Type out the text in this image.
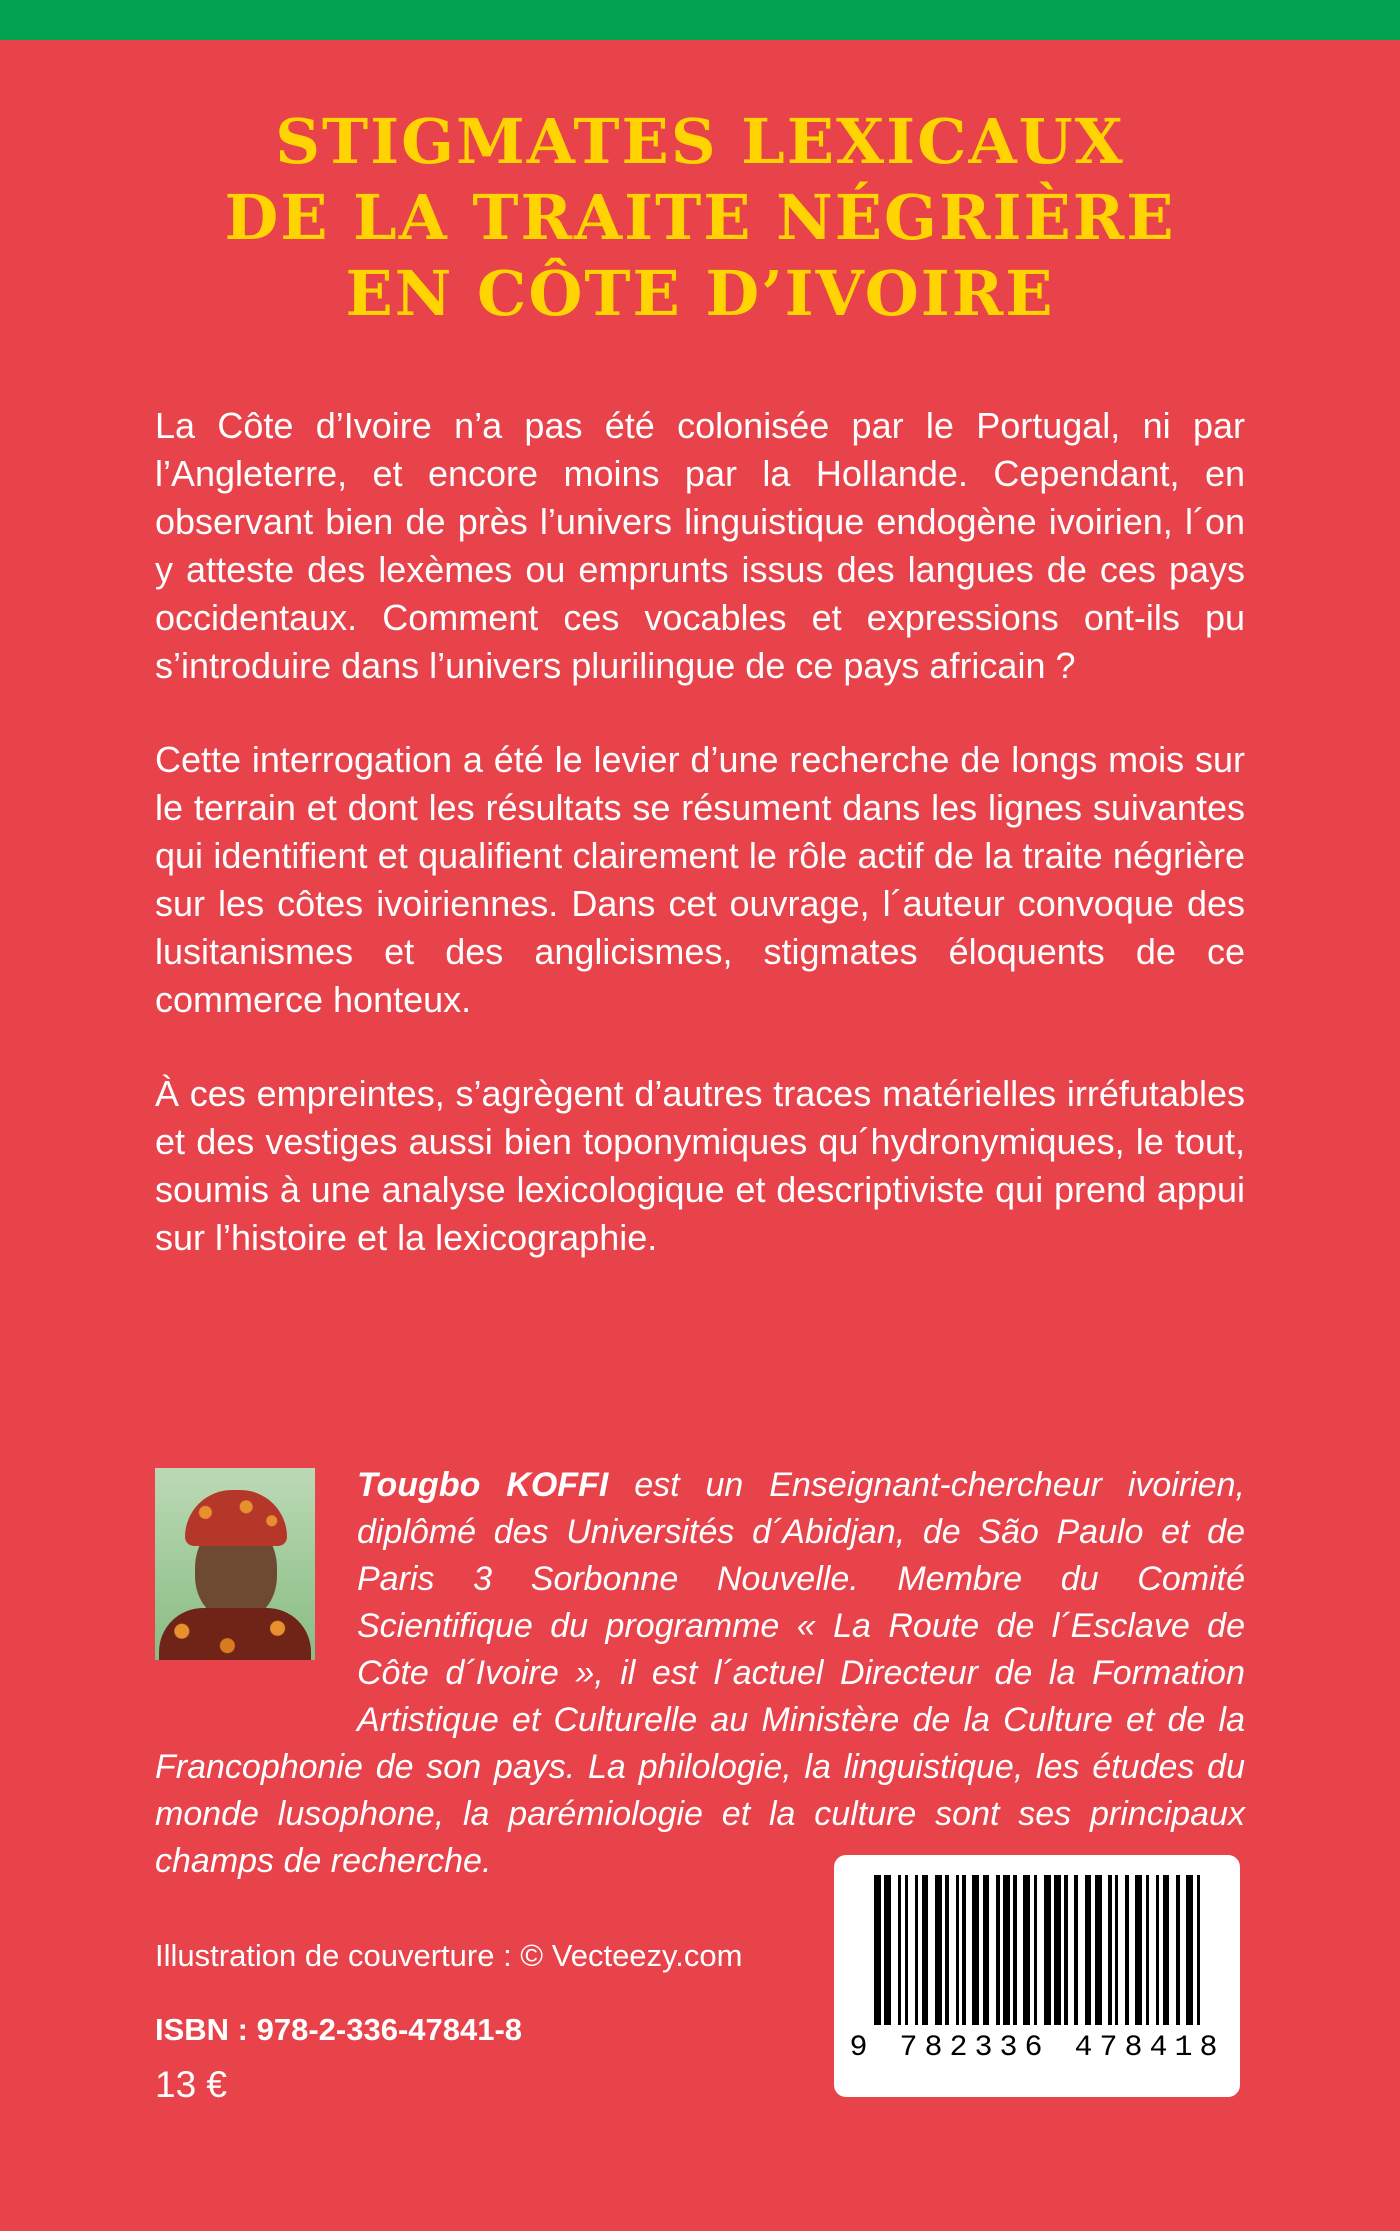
STIGMATES LEXICAUX
DE LA TRAITE NÉGRIÈRE
EN CÔTE D’IVOIRE

La Côte d’Ivoire n’a pas été colonisée par le Portugal, ni par l’Angleterre, et encore moins par la Hollande. Cependant, en observant bien de près l’univers linguistique endogène ivoirien, l´on y atteste des lexèmes ou emprunts issus des langues de ces pays occidentaux. Comment ces vocables et expressions ont-ils pu s’introduire dans l’univers plurilingue de ce pays africain ?

Cette interrogation a été le levier d’une recherche de longs mois sur le terrain et dont les résultats se résument dans les lignes suivantes qui identifient et qualifient clairement le rôle actif de la traite négrière sur les côtes ivoiriennes. Dans cet ouvrage, l´auteur convoque des lusitanismes et des anglicismes, stigmates éloquents de ce commerce honteux.

À ces empreintes, s’agrègent d’autres traces matérielles irréfutables et des vestiges aussi bien toponymiques qu´hydronymiques, le tout, soumis à une analyse lexicologique et descriptiviste qui prend appui sur l’histoire et la lexicographie.

Tougbo KOFFI est un Enseignant-chercheur ivoirien, diplômé des Universités d´Abidjan, de São Paulo et de Paris 3 Sorbonne Nouvelle. Membre du Comité Scientifique du programme « La Route de l´Esclave de Côte d´Ivoire », il est l´actuel Directeur de la Formation Artistique et Culturelle au Ministère de la Culture et de la Francophonie de son pays. La philologie, la linguistique, les études du monde lusophone, la parémiologie et la culture sont ses principaux champs de recherche.

Illustration de couverture : © Vecteezy.com

ISBN : 978-2-336-47841-8

13 €

9 782336 478418
